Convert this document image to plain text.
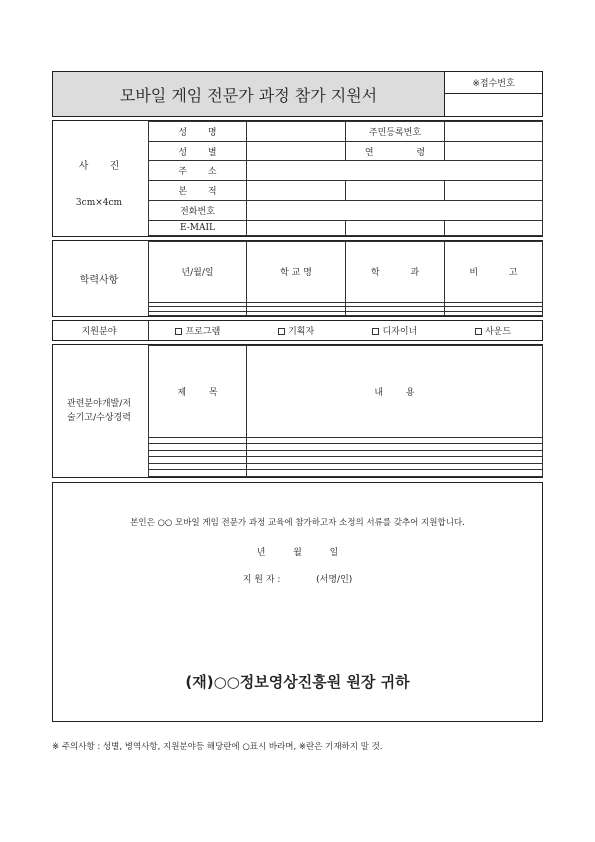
모바일 게임 전문가 과정 참가 지원서
※접수번호
사 진
3cm×4cm
성 명		주민등록번호	
성 별		연 령	
주 소			
본 적			
전화번호			
E-MAIL			
학력사항
년/월/일	학 교 명	학 과	비 고

지원분야	프로그램	기획자	디자이너	사운드
관련분야개발/저
술기고/수상경력
제 목	내 용

본인은 ○○ 모바일 게임 전문가 과정 교육에 참가하고자 소정의 서류를 갖추어 지원합니다.
년	월	일
지 원 자 :	(서명/인)
(재)○○정보영상진흥원 원장 귀하
※ 주의사항 : 성별, 병역사항, 지원분야등 해당란에 ○표시 바라며, ※란은 기재하지 말 것.
